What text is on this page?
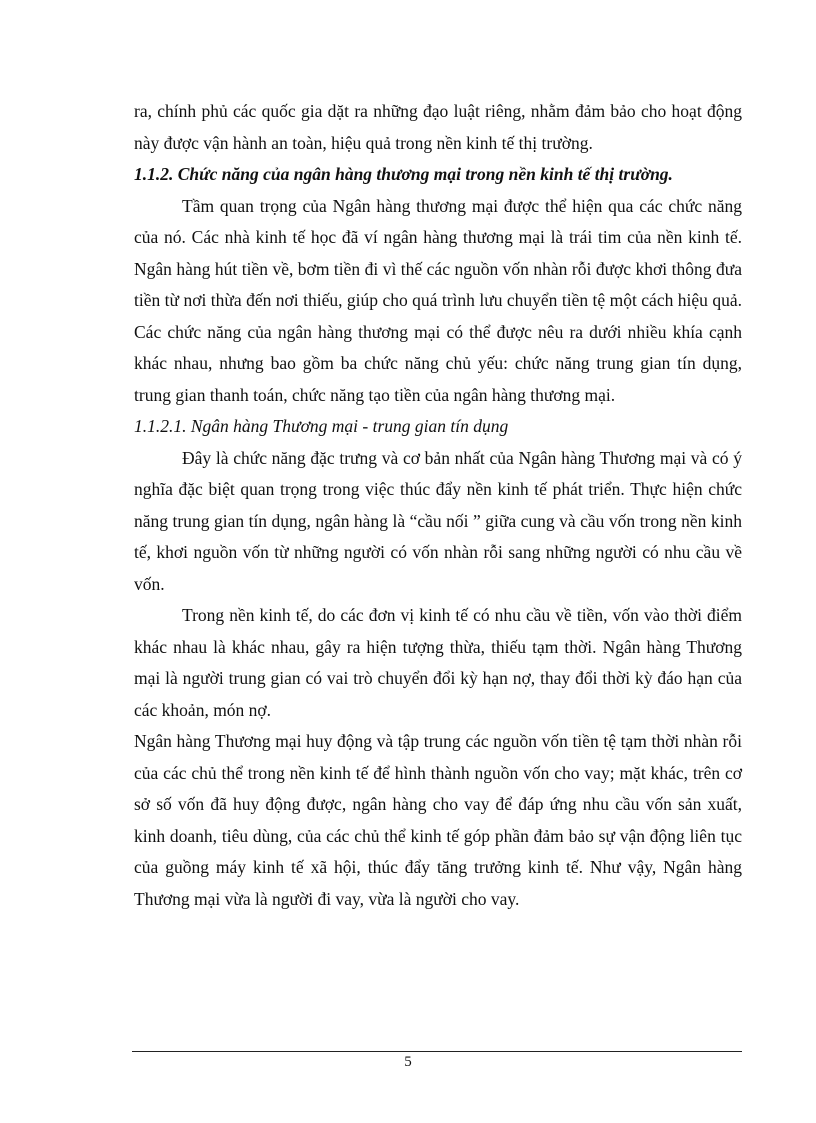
ra, chính phủ các quốc gia dặt ra những đạo luật riêng, nhằm đảm bảo cho hoạt động này được vận hành an toàn, hiệu quả trong nền kinh tế thị trường.

1.1.2. Chức năng của ngân hàng thương mại trong nền kinh tế thị trường.

Tầm quan trọng của Ngân hàng thương mại được thể hiện qua các chức năng của nó. Các nhà kinh tế học đã ví ngân hàng thương mại là trái tim của nền kinh tế. Ngân hàng hút tiền về, bơm tiền đi vì thế các nguồn vốn nhàn rỗi được khơi thông đưa tiền từ nơi thừa đến nơi thiếu, giúp cho quá trình lưu chuyển tiền tệ một cách hiệu quả. Các chức năng của ngân hàng thương mại có thể được nêu ra dưới nhiều khía cạnh khác nhau, nhưng bao gồm ba chức năng chủ yếu: chức năng trung gian tín dụng, trung gian thanh toán, chức năng tạo tiền của ngân hàng thương mại.

1.1.2.1. Ngân hàng Thương mại - trung gian tín dụng

Đây là chức năng đặc trưng và cơ bản nhất của Ngân hàng Thương mại và có ý nghĩa đặc biệt quan trọng trong việc thúc đẩy nền kinh tế phát triển. Thực hiện chức năng trung gian tín dụng, ngân hàng là “cầu nối ” giữa cung và cầu vốn trong nền kinh tế, khơi nguồn vốn từ những người có vốn nhàn rỗi sang những người có nhu cầu về vốn.

Trong nền kinh tế, do các đơn vị kinh tế có nhu cầu về tiền, vốn vào thời điểm khác nhau là khác nhau, gây ra hiện tượng thừa, thiếu tạm thời. Ngân hàng Thương mại là người trung gian có vai trò chuyển đổi kỳ hạn nợ, thay đổi thời kỳ đáo hạn của các khoản, món nợ.

Ngân hàng Thương mại huy động và tập trung các nguồn vốn tiền tệ tạm thời nhàn rỗi của các chủ thể trong nền kinh tế để hình thành nguồn vốn cho vay; mặt khác, trên cơ sở số vốn đã huy động được, ngân hàng cho vay để đáp ứng nhu cầu vốn sản xuất, kinh doanh, tiêu dùng, của các chủ thể kinh tế góp phần đảm bảo sự vận động liên tục của guồng máy kinh tế xã hội, thúc đẩy tăng trưởng kinh tế. Như vậy, Ngân hàng Thương mại vừa là người đi vay, vừa là người cho vay.

5
